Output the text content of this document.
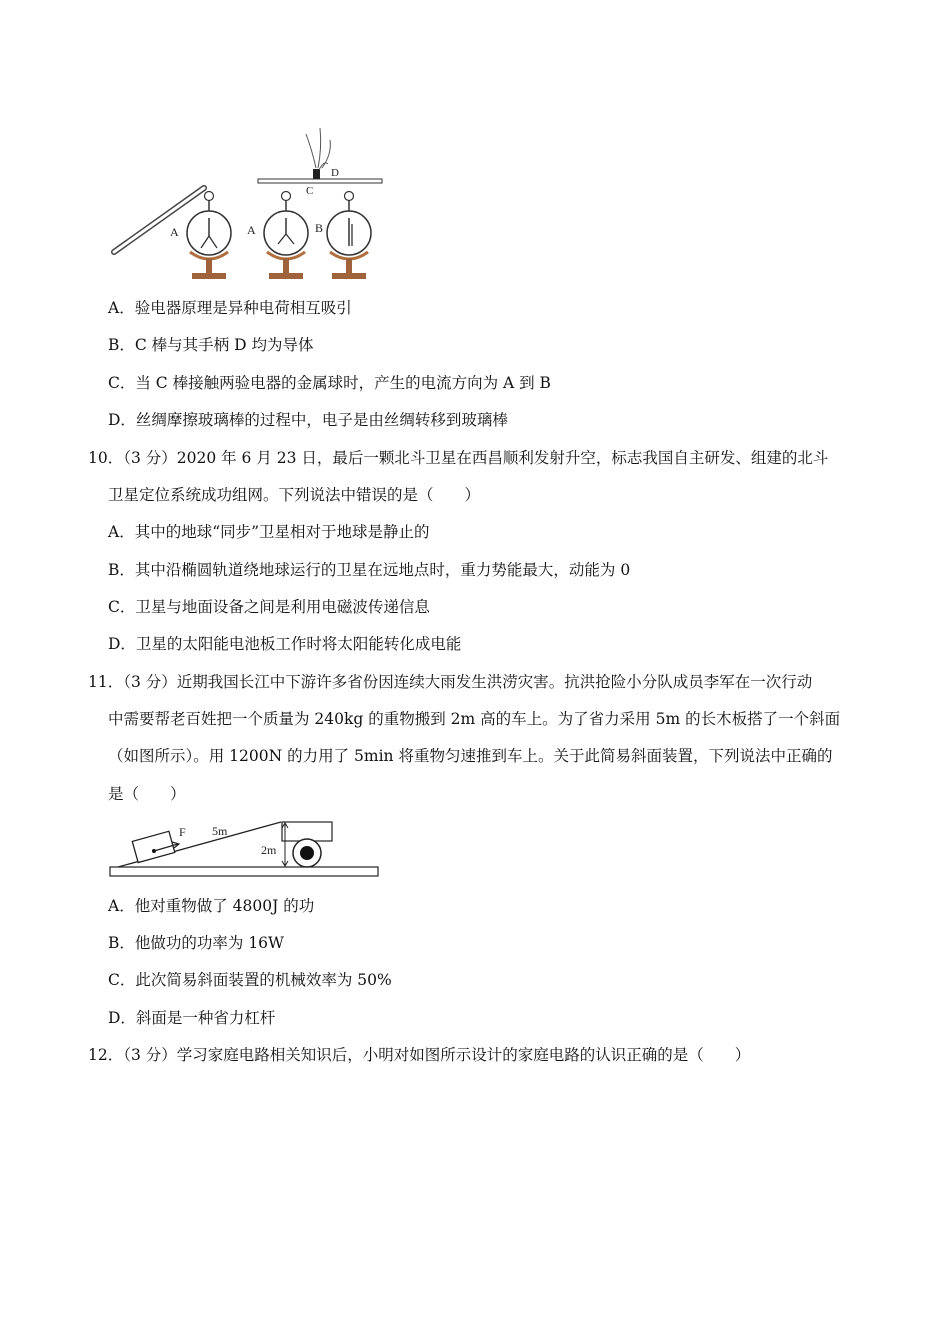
A
C
D
A	B
A．验电器原理是异种电荷相互吸引
B．C 棒与其手柄 D 均为导体
C．当 C 棒接触两验电器的金属球时，产生的电流方向为 A 到 B
D．丝绸摩擦玻璃棒的过程中，电子是由丝绸转移到玻璃棒
10．（3 分）2020 年 6 月 23 日，最后一颗北斗卫星在西昌顺利发射升空，标志我国自主研发、组建的北斗
卫星定位系统成功组网。下列说法中错误的是（　　）
A．其中的地球“同步”卫星相对于地球是静止的
B．其中沿椭圆轨道绕地球运行的卫星在远地点时，重力势能最大，动能为 0
C．卫星与地面设备之间是利用电磁波传递信息
D．卫星的太阳能电池板工作时将太阳能转化成电能
11．（3 分）近期我国长江中下游许多省份因连续大雨发生洪涝灾害。抗洪抢险小分队成员李军在一次行动
中需要帮老百姓把一个质量为 240kg 的重物搬到 2m 高的车上。为了省力采用 5m 的长木板搭了一个斜面
（如图所示）。用 1200N 的力用了 5min 将重物匀速推到车上。关于此简易斜面装置，下列说法中正确的
是（　　）
F 5m
2m
A．他对重物做了 4800J 的功
B．他做功的功率为 16W
C．此次简易斜面装置的机械效率为 50%
D．斜面是一种省力杠杆
12．（3 分）学习家庭电路相关知识后，小明对如图所示设计的家庭电路的认识正确的是（　　）
